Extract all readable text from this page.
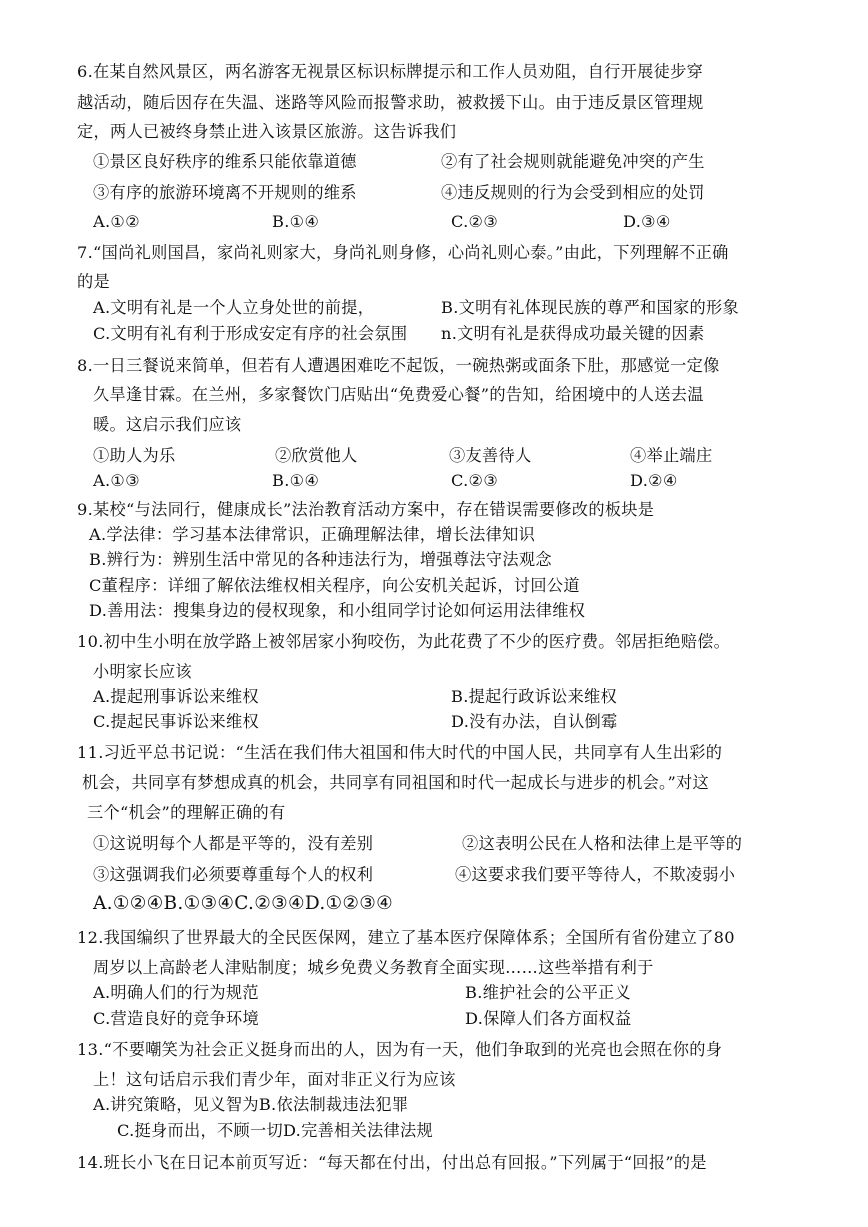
6.在某自然风景区，两名游客无视景区标识标牌提示和工作人员劝阻，自行开展徒步穿
越活动，随后因存在失温、迷路等风险而报警求助，被救援下山。由于违反景区管理规
定，两人已被终身禁止进入该景区旅游。这告诉我们
①景区良好秩序的维系只能依靠道德	②有了社会规则就能避免冲突的产生
③有序的旅游环境离不开规则的维系	④违反规则的行为会受到相应的处罚
A.①②	B.①④	C.②③	D.③④
7.“国尚礼则国昌，家尚礼则家大，身尚礼则身修，心尚礼则心泰。”由此，下列理解不正确
的是
A.文明有礼是一个人立身处世的前提，	B.文明有礼体现民族的尊严和国家的形象
C.文明有礼有利于形成安定有序的社会氛围 n.文明有礼是获得成功最关键的因素
8.一日三餐说来简单，但若有人遭遇困难吃不起饭，一碗热粥或面条下肚，那感觉一定像
久旱逢甘霖。在兰州，多家餐饮门店贴出“免费爱心餐”的告知，给困境中的人送去温
暖。这启示我们应该
①助人为乐	②欣赏他人	③友善待人	④举止端庄
A.①③	B.①④	C.②③	D.②④
9.某校“与法同行，健康成长”法治教育活动方案中，存在错误需要修改的板块是
A.学法律：学习基本法律常识，正确理解法律，增长法律知识
B.辨行为：辨别生活中常见的各种违法行为，增强尊法守法观念
C董程序：详细了解依法维权相关程序，向公安机关起诉，讨回公道
D.善用法：搜集身边的侵权现象，和小组同学讨论如何运用法律维权
10.初中生小明在放学路上被邻居家小狗咬伤，为此花费了不少的医疗费。邻居拒绝赔偿。
小明家长应该
A.提起刑事诉讼来维权	B.提起行政诉讼来维权
C.提起民事诉讼来维权	D.没有办法，自认倒霉
11.习近平总书记说：“生活在我们伟大祖国和伟大时代的中国人民，共同享有人生出彩的
机会，共同享有梦想成真的机会，共同享有同祖国和时代一起成长与进步的机会。”对这
三个“机会”的理解正确的有
①这说明每个人都是平等的，没有差别	②这表明公民在人格和法律上是平等的
③这强调我们必须要尊重每个人的权利	④这要求我们要平等待人，不欺凌弱小
A.①②④B.①③④C.②③④D.①②③④
12.我国编织了世界最大的全民医保网，建立了基本医疗保障体系；全国所有省份建立了80
周岁以上高龄老人津贴制度；城乡免费义务教育全面实现……这些举措有利于
A.明确人们的行为规范	B.维护社会的公平正义
C.营造良好的竞争环境	D.保障人们各方面权益
13.“不要嘲笑为社会正义挺身而出的人，因为有一天，他们争取到的光亮也会照在你的身
上！这句话启示我们青少年，面对非正义行为应该
A.讲究策略，见义智为B.依法制裁违法犯罪
C.挺身而出，不顾一切D.完善相关法律法规
14.班长小飞在日记本前页写近：“每天都在付出，付出总有回报。”下列属于“回报”的是
